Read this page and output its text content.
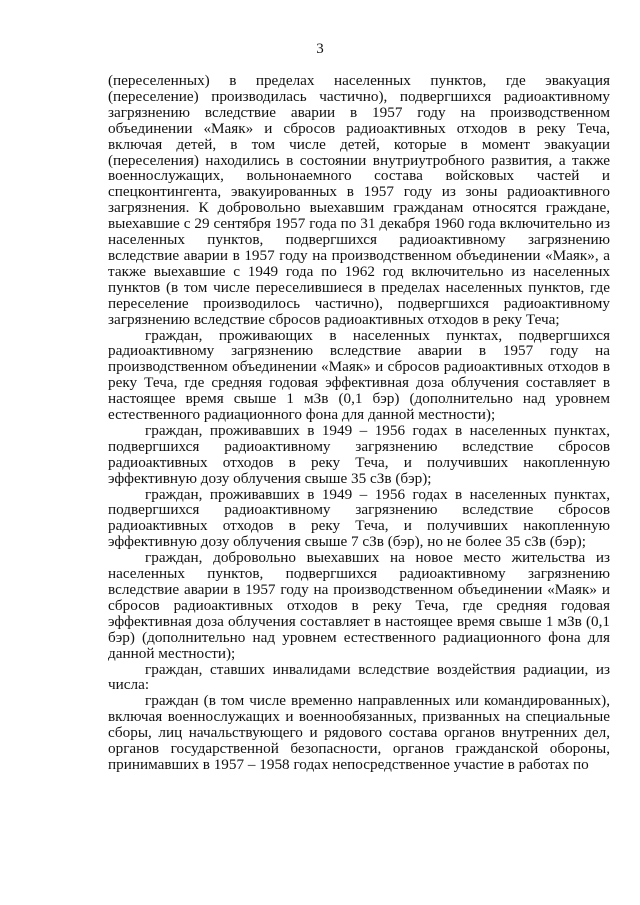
3

(переселенных) в пределах населенных пунктов, где эвакуация (переселение) производилась частично), подвергшихся радиоактивному загрязнению вследствие аварии в 1957 году на производственном объединении «Маяк» и сбросов радиоактивных отходов в реку Теча, включая детей, в том числе детей, которые в момент эвакуации (переселения) находились в состоянии внутриутробного развития, а также военнослужащих, вольнонаемного состава войсковых частей и спецконтингента, эвакуированных в 1957 году из зоны радиоактивного загрязнения. К добровольно выехавшим гражданам относятся граждане, выехавшие с 29 сентября 1957 года по 31 декабря 1960 года включительно из населенных пунктов, подвергшихся радиоактивному загрязнению вследствие аварии в 1957 году на производственном объединении «Маяк», а также выехавшие с 1949 года по 1962 год включительно из населенных пунктов (в том числе переселившиеся в пределах населенных пунктов, где переселение производилось частично), подвергшихся радиоактивному загрязнению вследствие сбросов радиоактивных отходов в реку Теча;

граждан, проживающих в населенных пунктах, подвергшихся радиоактивному загрязнению вследствие аварии в 1957 году на производственном объединении «Маяк» и сбросов радиоактивных отходов в реку Теча, где средняя годовая эффективная доза облучения составляет в настоящее время свыше 1 мЗв (0,1 бэр) (дополнительно над уровнем естественного радиационного фона для данной местности);

граждан, проживавших в 1949 – 1956 годах в населенных пунктах, подвергшихся радиоактивному загрязнению вследствие сбросов радиоактивных отходов в реку Теча, и получивших накопленную эффективную дозу облучения свыше 35 сЗв (бэр);

граждан, проживавших в 1949 – 1956 годах в населенных пунктах, подвергшихся радиоактивному загрязнению вследствие сбросов радиоактивных отходов в реку Теча, и получивших накопленную эффективную дозу облучения свыше 7 сЗв (бэр), но не более 35 сЗв (бэр);

граждан, добровольно выехавших на новое место жительства из населенных пунктов, подвергшихся радиоактивному загрязнению вследствие аварии в 1957 году на производственном объединении «Маяк» и сбросов радиоактивных отходов в реку Теча, где средняя годовая эффективная доза облучения составляет в настоящее время свыше 1 мЗв (0,1 бэр) (дополнительно над уровнем естественного радиационного фона для данной местности);

граждан, ставших инвалидами вследствие воздействия радиации, из числа:

граждан (в том числе временно направленных или командированных), включая военнослужащих и военнообязанных, призванных на специальные сборы, лиц начальствующего и рядового состава органов внутренних дел, органов государственной безопасности, органов гражданской обороны, принимавших в 1957 – 1958 годах непосредственное участие в работах по
